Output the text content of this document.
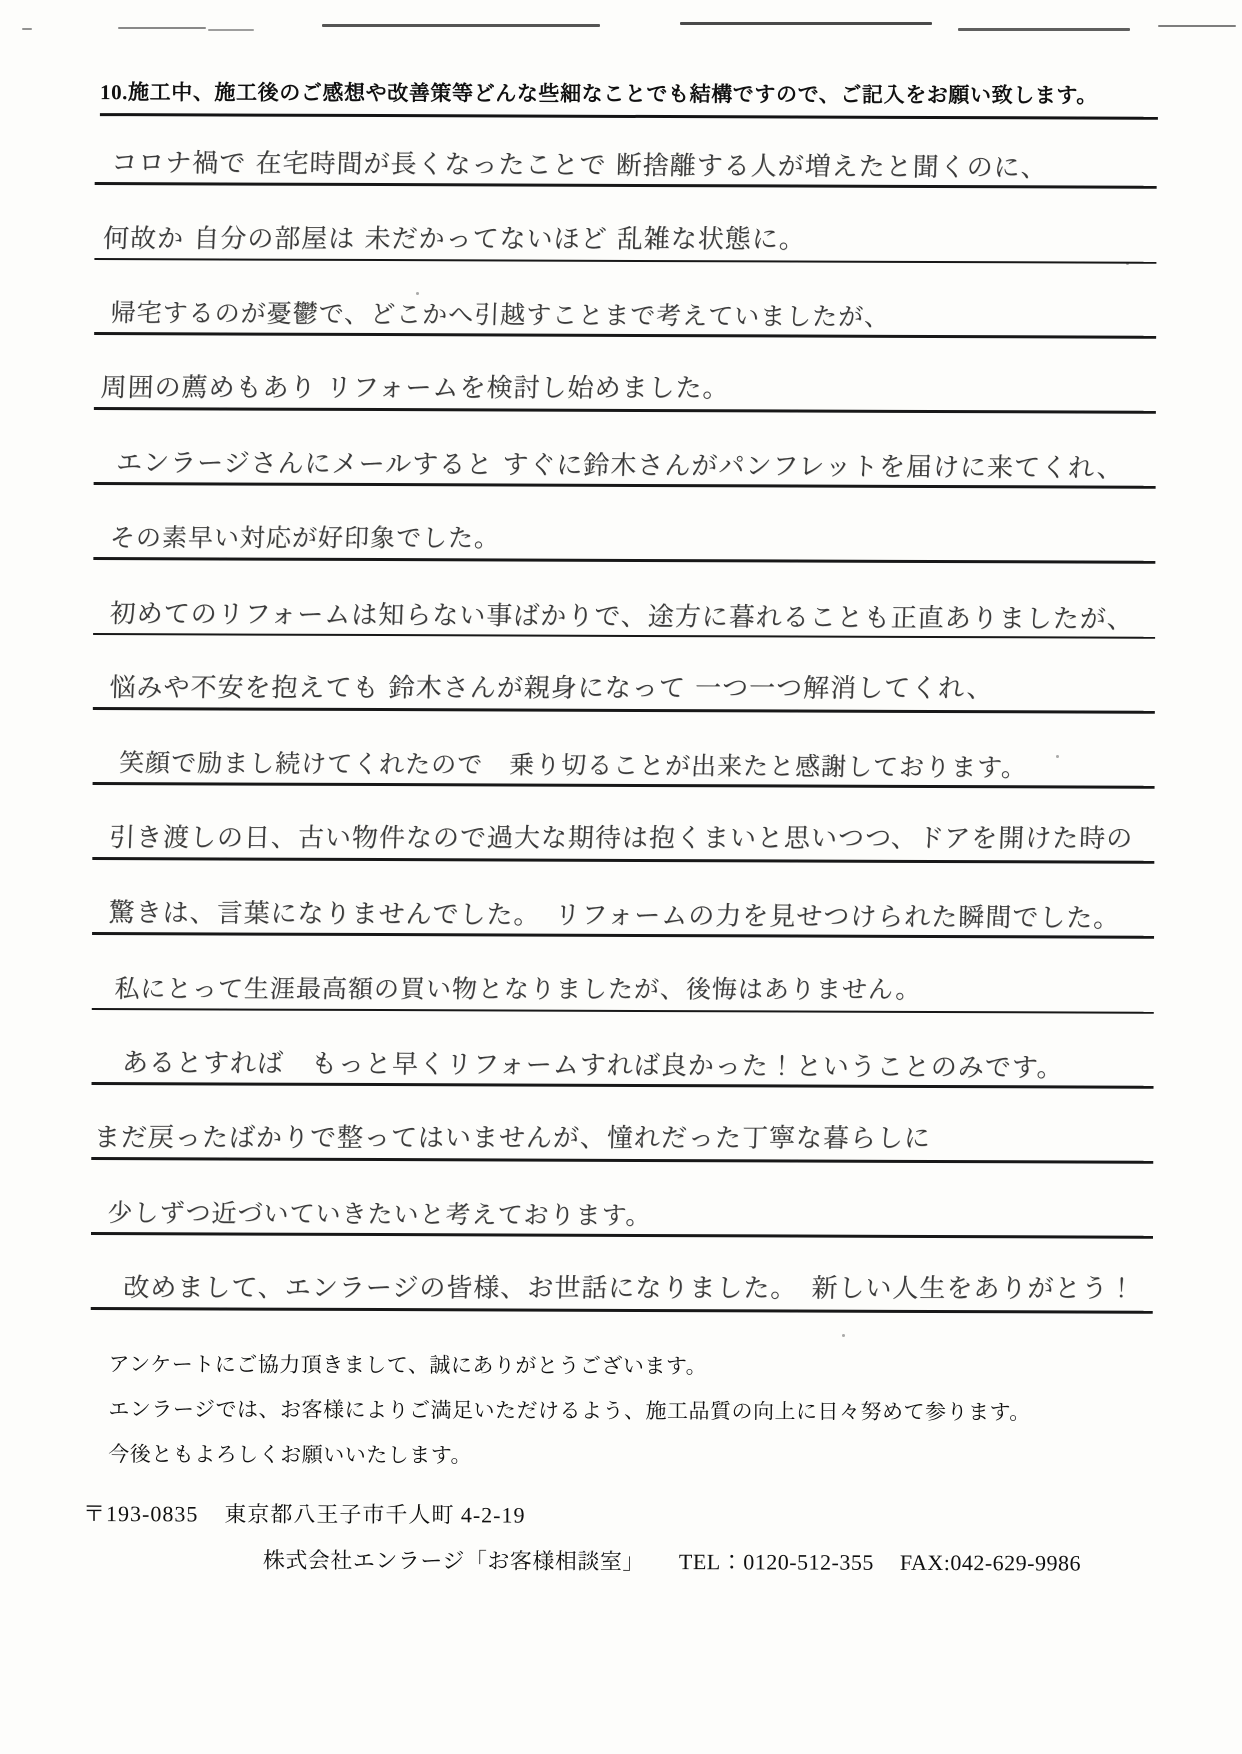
10.施工中、施工後のご感想や改善策等どんな些細なことでも結構ですので、ご記入をお願い致します。
コロナ禍で 在宅時間が長くなったことで 断捨離する人が増えたと聞くのに、
何故か 自分の部屋は 未だかってないほど 乱雑な状態に。
帰宅するのが憂鬱で、どこかへ引越すことまで考えていましたが、
周囲の薦めもあり リフォームを検討し始めました。
エンラージさんにメールすると すぐに鈴木さんがパンフレットを届けに来てくれ、
その素早い対応が好印象でした。
初めてのリフォームは知らない事ばかりで、途方に暮れることも正直ありましたが、
悩みや不安を抱えても 鈴木さんが親身になって 一つ一つ解消してくれ、
笑顔で励まし続けてくれたので　乗り切ることが出来たと感謝しております。
引き渡しの日、古い物件なので過大な期待は抱くまいと思いつつ、ドアを開けた時の
驚きは、言葉になりませんでした。　リフォームの力を見せつけられた瞬間でした。
私にとって生涯最高額の買い物となりましたが、後悔はありません。
あるとすれば　もっと早くリフォームすれば良かった！ということのみです。
まだ戻ったばかりで整ってはいませんが、憧れだった丁寧な暮らしに
少しずつ近づいていきたいと考えております。
改めまして、エンラージの皆様、お世話になりました。　新しい人生をありがとう！

アンケートにご協力頂きまして、誠にありがとうございます。

エンラージでは、お客様によりご満足いただけるよう、施工品質の向上に日々努めて参ります。

今後ともよろしくお願いいたします。

〒193-0835 東京都八王子市千人町 4-2-19
株式会社エンラージ「お客様相談室」 TEL：0120-512-355 FAX:042-629-9986
